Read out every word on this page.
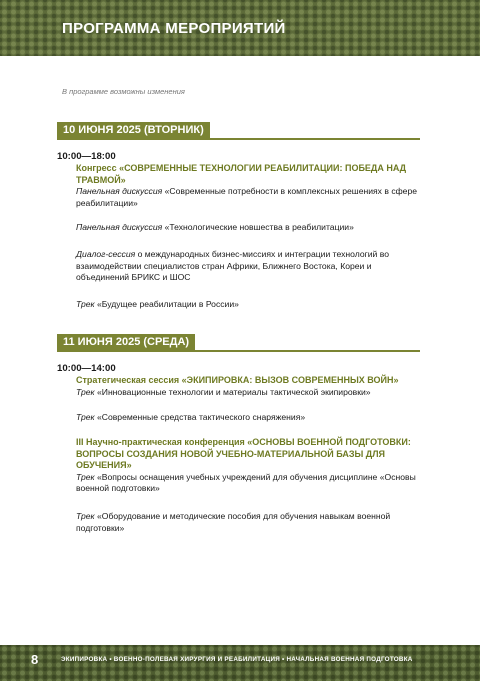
ПРОГРАММА МЕРОПРИЯТИЙ
В программе возможны изменения
10 ИЮНЯ 2025 (ВТОРНИК)
10:00—18:00
Конгресс «СОВРЕМЕННЫЕ ТЕХНОЛОГИИ РЕАБИЛИТАЦИИ: ПОБЕДА НАД ТРАВМОЙ»
Панельная дискуссия «Современные потребности в комплексных решениях в сфере реабилитации»
Панельная дискуссия «Технологические новшества в реабилитации»
Диалог-сессия о международных бизнес-миссиях и интеграции технологий во взаимодействии специалистов стран Африки, Ближнего Востока, Кореи и объединений БРИКС и ШОС
Трек «Будущее реабилитации в России»
11 ИЮНЯ 2025 (СРЕДА)
10:00—14:00
Стратегическая сессия «ЭКИПИРОВКА: ВЫЗОВ СОВРЕМЕННЫХ ВОЙН»
Трек «Инновационные технологии и материалы тактической экипировки»
Трек «Современные средства тактического снаряжения»
III Научно-практическая конференция «ОСНОВЫ ВОЕННОЙ ПОДГОТОВКИ: ВОПРОСЫ СОЗДАНИЯ НОВОЙ УЧЕБНО-МАТЕРИАЛЬНОЙ БАЗЫ ДЛЯ ОБУЧЕНИЯ»
Трек «Вопросы оснащения учебных учреждений для обучения дисциплине «Основы военной подготовки»
Трек «Оборудование и методические пособия для обучения навыкам военной подготовки»
8	ЭКИПИРОВКА • ВОЕННО-ПОЛЕВАЯ ХИРУРГИЯ И РЕАБИЛИТАЦИЯ • НАЧАЛЬНАЯ ВОЕННАЯ ПОДГОТОВКА
